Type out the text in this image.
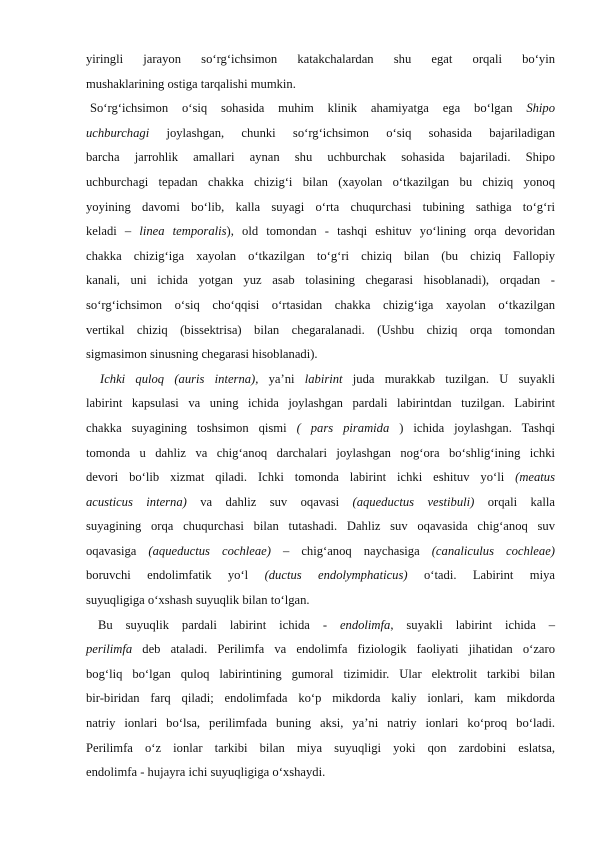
yiringli jarayon so‘rg‘ichsimon katakchalardan shu egat orqali bo‘yin
mushaklarining ostiga tarqalishi mumkin.

So‘rg‘ichsimon o‘siq sohasida muhim klinik ahamiyatga ega bo‘lgan Shipo
uchburchagi joylashgan, chunki so‘rg‘ichsimon o‘siq sohasida bajariladigan
barcha jarrohlik amallari aynan shu uchburchak sohasida bajariladi. Shipo
uchburchagi tepadan chakka chizig‘i bilan (xayolan o‘tkazilgan bu chiziq yonoq
yoyining davomi bo‘lib, kalla suyagi o‘rta chuqurchasi tubining sathiga to‘g‘ri
keladi – linea temporalis), old tomondan - tashqi eshituv yo‘lining orqa devoridan
chakka chizig‘iga xayolan o‘tkazilgan to‘g‘ri chiziq bilan (bu chiziq Fallopiy
kanali, uni ichida yotgan yuz asab tolasining chegarasi hisoblanadi), orqadan -
so‘rg‘ichsimon o‘siq cho‘qqisi o‘rtasidan chakka chizig‘iga xayolan o‘tkazilgan
vertikal chiziq (bissektrisa) bilan chegaralanadi. (Ushbu chiziq orqa tomondan
sigmasimon sinusning chegarasi hisoblanadi).

Ichki quloq (auris interna), ya’ni labirint juda murakkab tuzilgan. U suyakli
labirint kapsulasi va uning ichida joylashgan pardali labirintdan tuzilgan. Labirint
chakka suyagining toshsimon qismi ( pars piramida ) ichida joylashgan. Tashqi
tomonda u dahliz va chig‘anoq darchalari joylashgan nog‘ora bo‘shlig‘ining ichki
devori bo‘lib xizmat qiladi. Ichki tomonda labirint ichki eshituv yo‘li (meatus
acusticus interna) va dahliz suv oqavasi (aqueductus vestibuli) orqali kalla
suyagining orqa chuqurchasi bilan tutashadi. Dahliz suv oqavasida chig‘anoq suv
oqavasiga (aqueductus cochleae) – chig‘anoq naychasiga (canaliculus cochleae)
boruvchi endolimfatik yo‘l (ductus endolymphaticus) o‘tadi. Labirint miya
suyuqligiga o‘xshash suyuqlik bilan to‘lgan.

Bu suyuqlik pardali labirint ichida - endolimfa, suyakli labirint ichida –
perilimfa deb ataladi. Perilimfa va endolimfa fiziologik faoliyati jihatidan o‘zaro
bog‘liq bo‘lgan quloq labirintining gumoral tizimidir. Ular elektrolit tarkibi bilan
bir-biridan farq qiladi; endolimfada ko‘p mikdorda kaliy ionlari, kam mikdorda
natriy ionlari bo‘lsa, perilimfada buning aksi, ya’ni natriy ionlari ko‘proq bo‘ladi.
Perilimfa o‘z ionlar tarkibi bilan miya suyuqligi yoki qon zardobini eslatsa,
endolimfa - hujayra ichi suyuqligiga o‘xshaydi.
